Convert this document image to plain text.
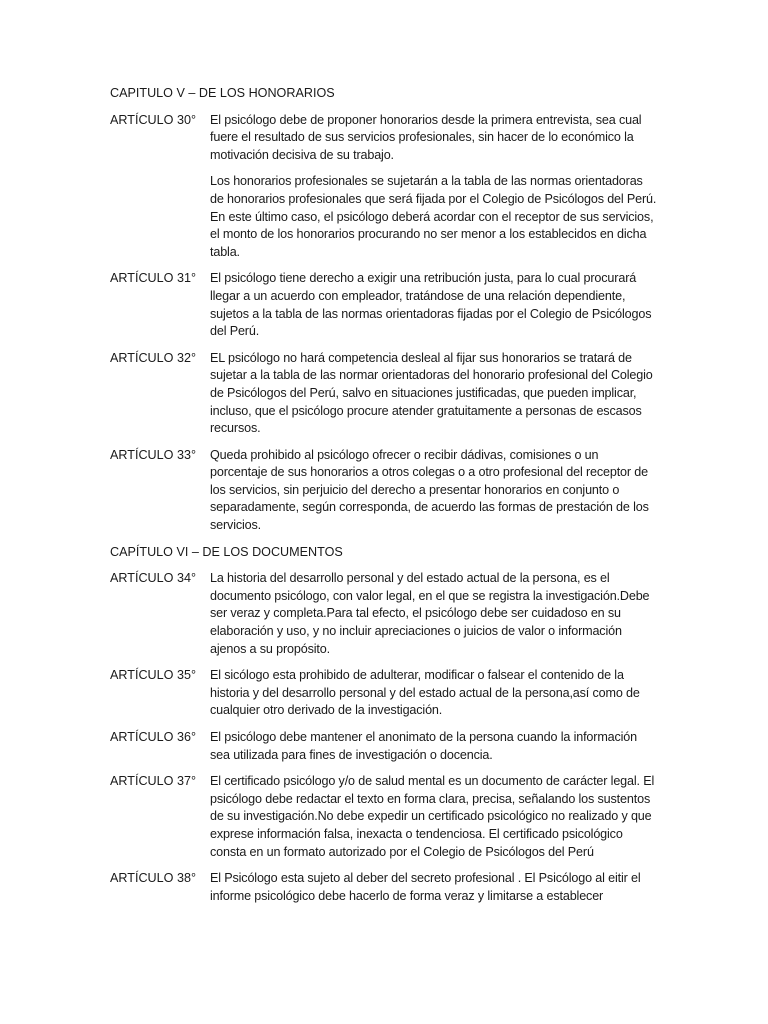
CAPITULO V – DE LOS HONORARIOS
ARTÍCULO 30°	El psicólogo debe de proponer honorarios desde la primera entrevista, sea cual fuere el resultado de sus servicios profesionales, sin hacer de lo económico la motivación decisiva de su trabajo.

Los honorarios profesionales se sujetarán a la tabla de las normas orientadoras de honorarios profesionales que será fijada por el Colegio de Psicólogos del Perú. En este último caso, el psicólogo deberá acordar con el receptor de sus servicios, el monto de los honorarios procurando no ser menor a los establecidos en dicha tabla.

ARTÍCULO 31°	El psicólogo tiene derecho a exigir una retribución justa, para lo cual procurará llegar a un acuerdo con empleador, tratándose de una relación dependiente, sujetos a la tabla de las normas orientadoras fijadas por el Colegio de Psicólogos del Perú.

ARTÍCULO 32°	EL psicólogo no hará competencia desleal al fijar sus honorarios se tratará de sujetar a la tabla de las normar orientadoras del honorario profesional del Colegio de Psicólogos del Perú, salvo en situaciones justificadas, que pueden implicar, incluso, que el psicólogo procure atender gratuitamente a personas de escasos recursos.

ARTÍCULO 33°	Queda prohibido al psicólogo ofrecer o recibir dádivas, comisiones o un porcentaje de sus honorarios a otros colegas o a otro profesional del receptor de los servicios, sin perjuicio del derecho a presentar honorarios en conjunto o separadamente, según corresponda, de acuerdo las formas de prestación de los servicios.

CAPÍTULO VI – DE LOS DOCUMENTOS
ARTÍCULO 34°	La historia del desarrollo personal y del estado actual de la persona, es el documento psicólogo, con valor legal, en el que se registra la investigación.Debe ser veraz y completa.Para tal efecto, el psicólogo debe ser cuidadoso en su elaboración y uso, y no incluir apreciaciones o juicios de valor o información ajenos a su propósito.

ARTÍCULO 35°	El sicólogo esta prohibido de adulterar, modificar o falsear el contenido de la historia y del desarrollo personal y del estado actual de la persona,así como de cualquier otro derivado de la investigación.

ARTÍCULO 36°	El psicólogo debe mantener el anonimato de la persona cuando la información sea utilizada para fines de investigación o docencia.

ARTÍCULO 37°	El certificado psicólogo y/o de salud mental es un documento de carácter legal. El psicólogo debe redactar el texto en forma clara, precisa, señalando los sustentos de su investigación.No debe expedir un certificado psicológico no realizado y que exprese información falsa, inexacta o tendenciosa. El certificado psicológico consta en un formato autorizado por el Colegio de Psicólogos del Perú

ARTÍCULO 38°	El Psicólogo esta sujeto al deber del secreto profesional . El Psicólogo al eitir el informe psicológico debe hacerlo de forma veraz y limitarse a establecer
